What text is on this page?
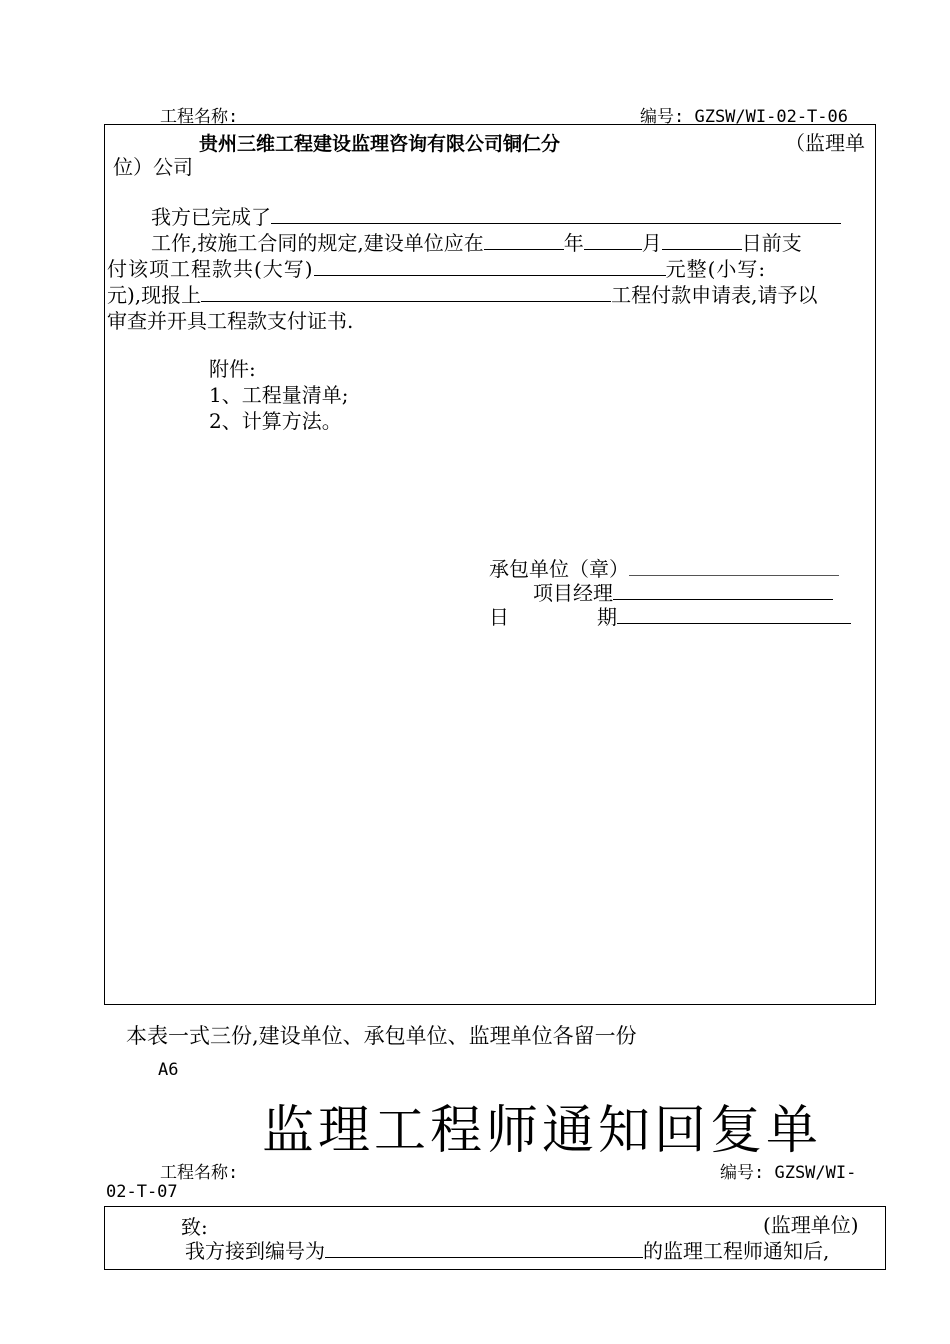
工程名称:	编号: GZSW/WI-02-T-06
贵州三维工程建设监理咨询有限公司铜仁分	（监理单
位）公司
我方已完成了
工作,按施工合同的规定,建设单位应在	年	月	日前支
付该项工程款共(大写)	元整(小写:
元),现报上	工程付款申请表,请予以
审查并开具工程款支付证书.
附件:
1、工程量清单;
2、计算方法。
承包单位（章）
项目经理
日	期
本表一式三份,建设单位、承包单位、监理单位各留一份
A6
监理工程师通知回复单
工程名称:	编号: GZSW/WI-
02-T-07
致:	(监理单位)
我方接到编号为	的监理工程师通知后,
